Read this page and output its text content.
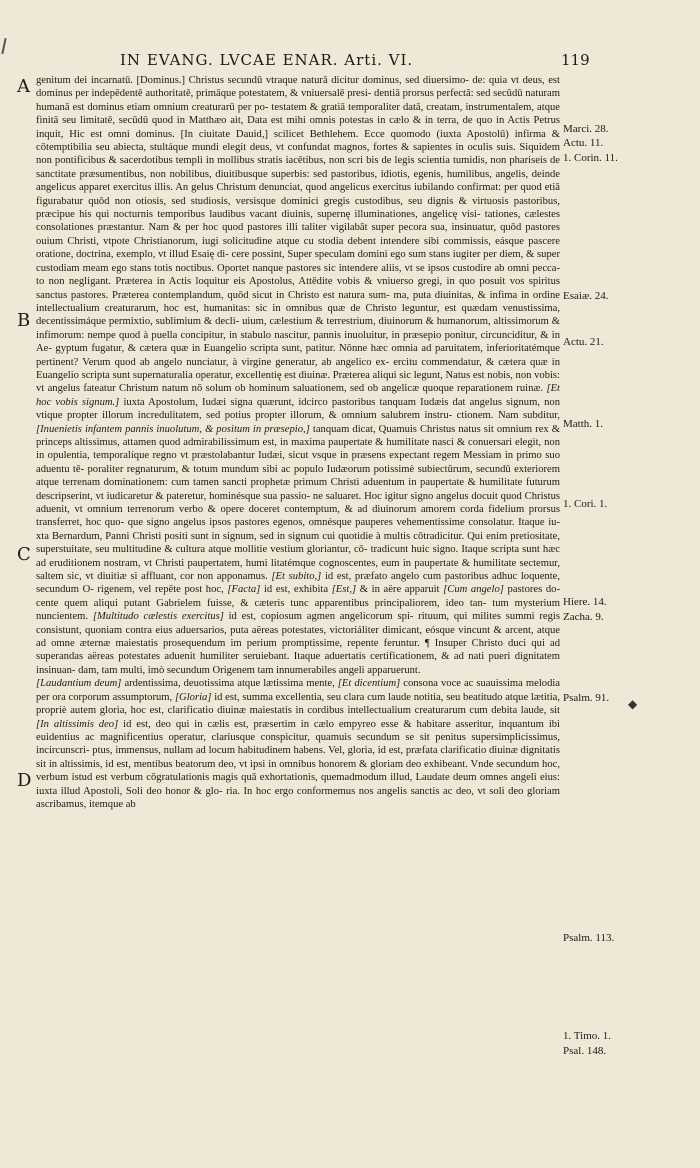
IN EVANG. LVCAE ENAR. Arti. VI.	119
A
B
C
D

genitum dei incarnatū. [Dominus.] Christus secundū vtraque naturā dicitur dominus, sed diuersimo- de: quia vt deus, est dominus per indepēdentē authoritatē, primāque potestatem, & vniuersalē presi- dentiā prorsus perfectā: sed secūdū naturam humanā est dominus etiam omnium creaturarū per po- testatem & gratiā temporaliter datā, creatam, instrumentalem, atque finitā seu limitatē, secūdū quod in Matthæo ait, Data est mihi omnis potestas in cælo & in terra, de quo in Actis Petrus inquit, Hic est omni dominus. [In ciuitate Dauid,] scilicet Bethlehem. Ecce quomodo (iuxta Apostolū) infirma & cōtemptibilia seu abiecta, stultáque mundi elegit deus, vt confundat magnos, fortes & sapientes in oculis suis. Siquidem non pontificibus & sacerdotibus templi in mollibus stratis iacētibus, non scri bis de legis scientia tumidis, non phariseis de sanctitate præsumentibus, non nobilibus, diuitibusque superbis: sed pastoribus, idiotis, egenis, humilibus, angelis, deinde angelicus apparet exercitus illis. An gelus Christum denunciat, quod angelicus exercitus iubilando confirmat: per quod etiā figurabatur quōd non otiosis, sed studiosis, versisque dominici gregis custodibus, seu dignis & virtuosis pastoribus, præcipue his qui nocturnis temporibus laudibus vacant diuinis, supernę illuminationes, angelicę visi- tationes, cælestes consolationes præstantur. Nam & per hoc quod pastores illi taliter vigilabāt super pecora sua, insinuatur, quōd pastores ouium Christi, vtpote Christianorum, iugi solicitudine atque cu stodia debent intendere sibi commissis, eásque pascere oratione, doctrina, exemplo, vt illud Esaię di- cere possint, Super speculam domini ego sum stans iugiter per diem, & super custodiam meam ego stans totis noctibus. Oportet nanque pastores sic intendere aliis, vt se ipsos custodire ab omni pecca- to non negligant. Præterea in Actis loquitur eis Apostolus, Attēdite vobis & vniuerso gregi, in quo posuit vos spiritus sanctus pastores. Præterea contemplandum, quōd sicut in Christo est natura sum- ma, puta diuinitas, & infima in ordine intellectualium creaturarum, hoc est, humanitas: sic in omnibus quæ de Christo leguntur, est quædam venustissima, decentissimáque permixtio, sublimium & decli- uium, cælestium & terrestrium, diuinorum & humanorum, altissimorum & infimorum: nempe quod à puella concipitur, in stabulo nascitur, pannis inuoluitur, in præsepio ponitur, circunciditur, & in Ae- gyptum fugatur, & cætera quæ in Euangelio scripta sunt, patitur. Nōnne hæc omnia ad paruitatem, inferioritatémque pertinent? Verum quod ab angelo nunciatur, à virgine generatur, ab angelico ex- ercitu commendatur, & cætera quæ in Euangelio scripta sunt supernaturalia operatur, excellentię est diuinæ. Præterea aliqui sic legunt, Natus est nobis, non vobis: vt angelus fateatur Christum natum nō solum ob hominum saluationem, sed ob angelicæ quoque reparationem ruinæ. [Et hoc vobis signum.] iuxta Apostolum, Iudæi signa quærunt, idcirco pastoribus tanquam Iudæis dat angelus signum, non vtique propter illorum incredulitatem, sed potius propter illorum, & omnium salubrem instru- ctionem. Nam subditur, [Inuenietis infantem pannis inuolutum, & positum in præsepio,] tanquam dicat, Quamuis Christus natus sit omnium rex & princeps altissimus, attamen quod admirabilissimum est, in maxima paupertate & humilitate nasci & conuersari elegit, non in opulentia, temporalíque regno vt præstolabantur Iudæi, sicut vsque in præsens expectant regem Messiam in primo suo aduentu tē- poraliter regnaturum, & totum mundum sibi ac populo Iudæorum potissimè subiectūrum, secundū exteriorem atque terrenam dominationem: cum tamen sancti prophetæ primum Christi aduentum in paupertate & humilitate futurum descripserint, vt iudicaretur & pateretur, hominésque sua passio- ne saluaret. Hoc igitur signo angelus docuit quod Christus aduenit, vt omnium terrenorum verbo & opere doceret contemptum, & ad diuinorum amorem corda fidelium prorsus transferret, hoc quo- que signo angelus ipsos pastores egenos, omnésque pauperes vehementissime consolatur. Itaque iu- xta Bernardum, Panni Christi positi sunt in signum, sed in signum cui quotidie à multis cōtradicitur. Qui enim pretiositate, superstuitate, seu multitudine & cultura atque mollitie vestium gloriantur, cō- tradicunt huic signo. Itaque scripta sunt hæc ad eruditionem nostram, vt Christi paupertatem, humi litatémque cognoscentes, eum in paupertate & humilitate sectemur, saltem sic, vt diuitiæ si affluant, cor non apponamus. [Et subito,] id est, præfato angelo cum pastoribus adhuc loquente, secundum O- rigenem, vel repēte post hoc, [Facta] id est, exhibita [Est,] & in aëre apparuit [Cum angelo] pastores do- cente quem aliqui putant Gabrielem fuisse, & cæteris tunc apparentibus principaliorem, ideo tan- tum mysterium nuncientem. [Multitudo cælestis exercitus] id est, copiosum agmen angelicorum spi- rituum, qui milites summi regis consistunt, quoniam contra eius aduersarios, puta aëreas potestates, victoriáliter dimicant, eósque vincunt & arcent, atque ad omne æternæ maiestatis prosequendum im perium promptissime, repente feruntur. ¶ Insuper Christo duci qui ad superandas aëreas potestates aduenit humiliter seruiebant. Itaque aduertatis certificationem, & ad nati pueri dignitatem insinuan- dam, tam multi, imò secundum Origenem tam innumerabiles angeli apparuerunt.

[Laudantium deum] ardentissima, deuotissima atque lætissima mente, [Et dicentium] consona voce ac suauissima melodia per ora corporum assumptorum, [Gloria] id est, summa excellentia, seu clara cum laude notitia, seu beatitudo atque lætitia, propriè autem gloria, hoc est, clarificatio diuinæ maiestatis in cordibus intellectualium creaturarum cum debita laude, sit [In altissimis deo] id est, deo qui in cælis est, præsertim in cælo empyreo esse & habitare asseritur, inquantum ibi euidentius ac magnificentius operatur, clariusque conspicitur, quamuis secundum se sit penitus supersimplicissimus, incircunscri- ptus, immensus, nullam ad locum habitudinem habens. Vel, gloria, id est, præfata clarificatio diuinæ dignitatis sit in altissimis, id est, mentibus beatorum deo, vt ipsi in omnibus honorem & gloriam deo exhibeant. Vnde secundum hoc, verbum istud est verbum cōgratulationis magis quā exhortationis, quemadmodum illud, Laudate deum omnes angeli eius: iuxta illud Apostoli, Soli deo honor & glo- ria. In hoc ergo conformemus nos angelis sanctis ac deo, vt soli deo gloriam ascribamus, itemque ab

Marci. 28.
Actu. 11.
1. Corin. 11.
Esaiæ. 24.
Actu. 21.
Matth. 1.
1. Cori. 1.
Hiere. 14.
Zacha. 9.
Psalm. 91.
Psalm. 113.
1. Timo. 1.
Psal. 148.
◆
